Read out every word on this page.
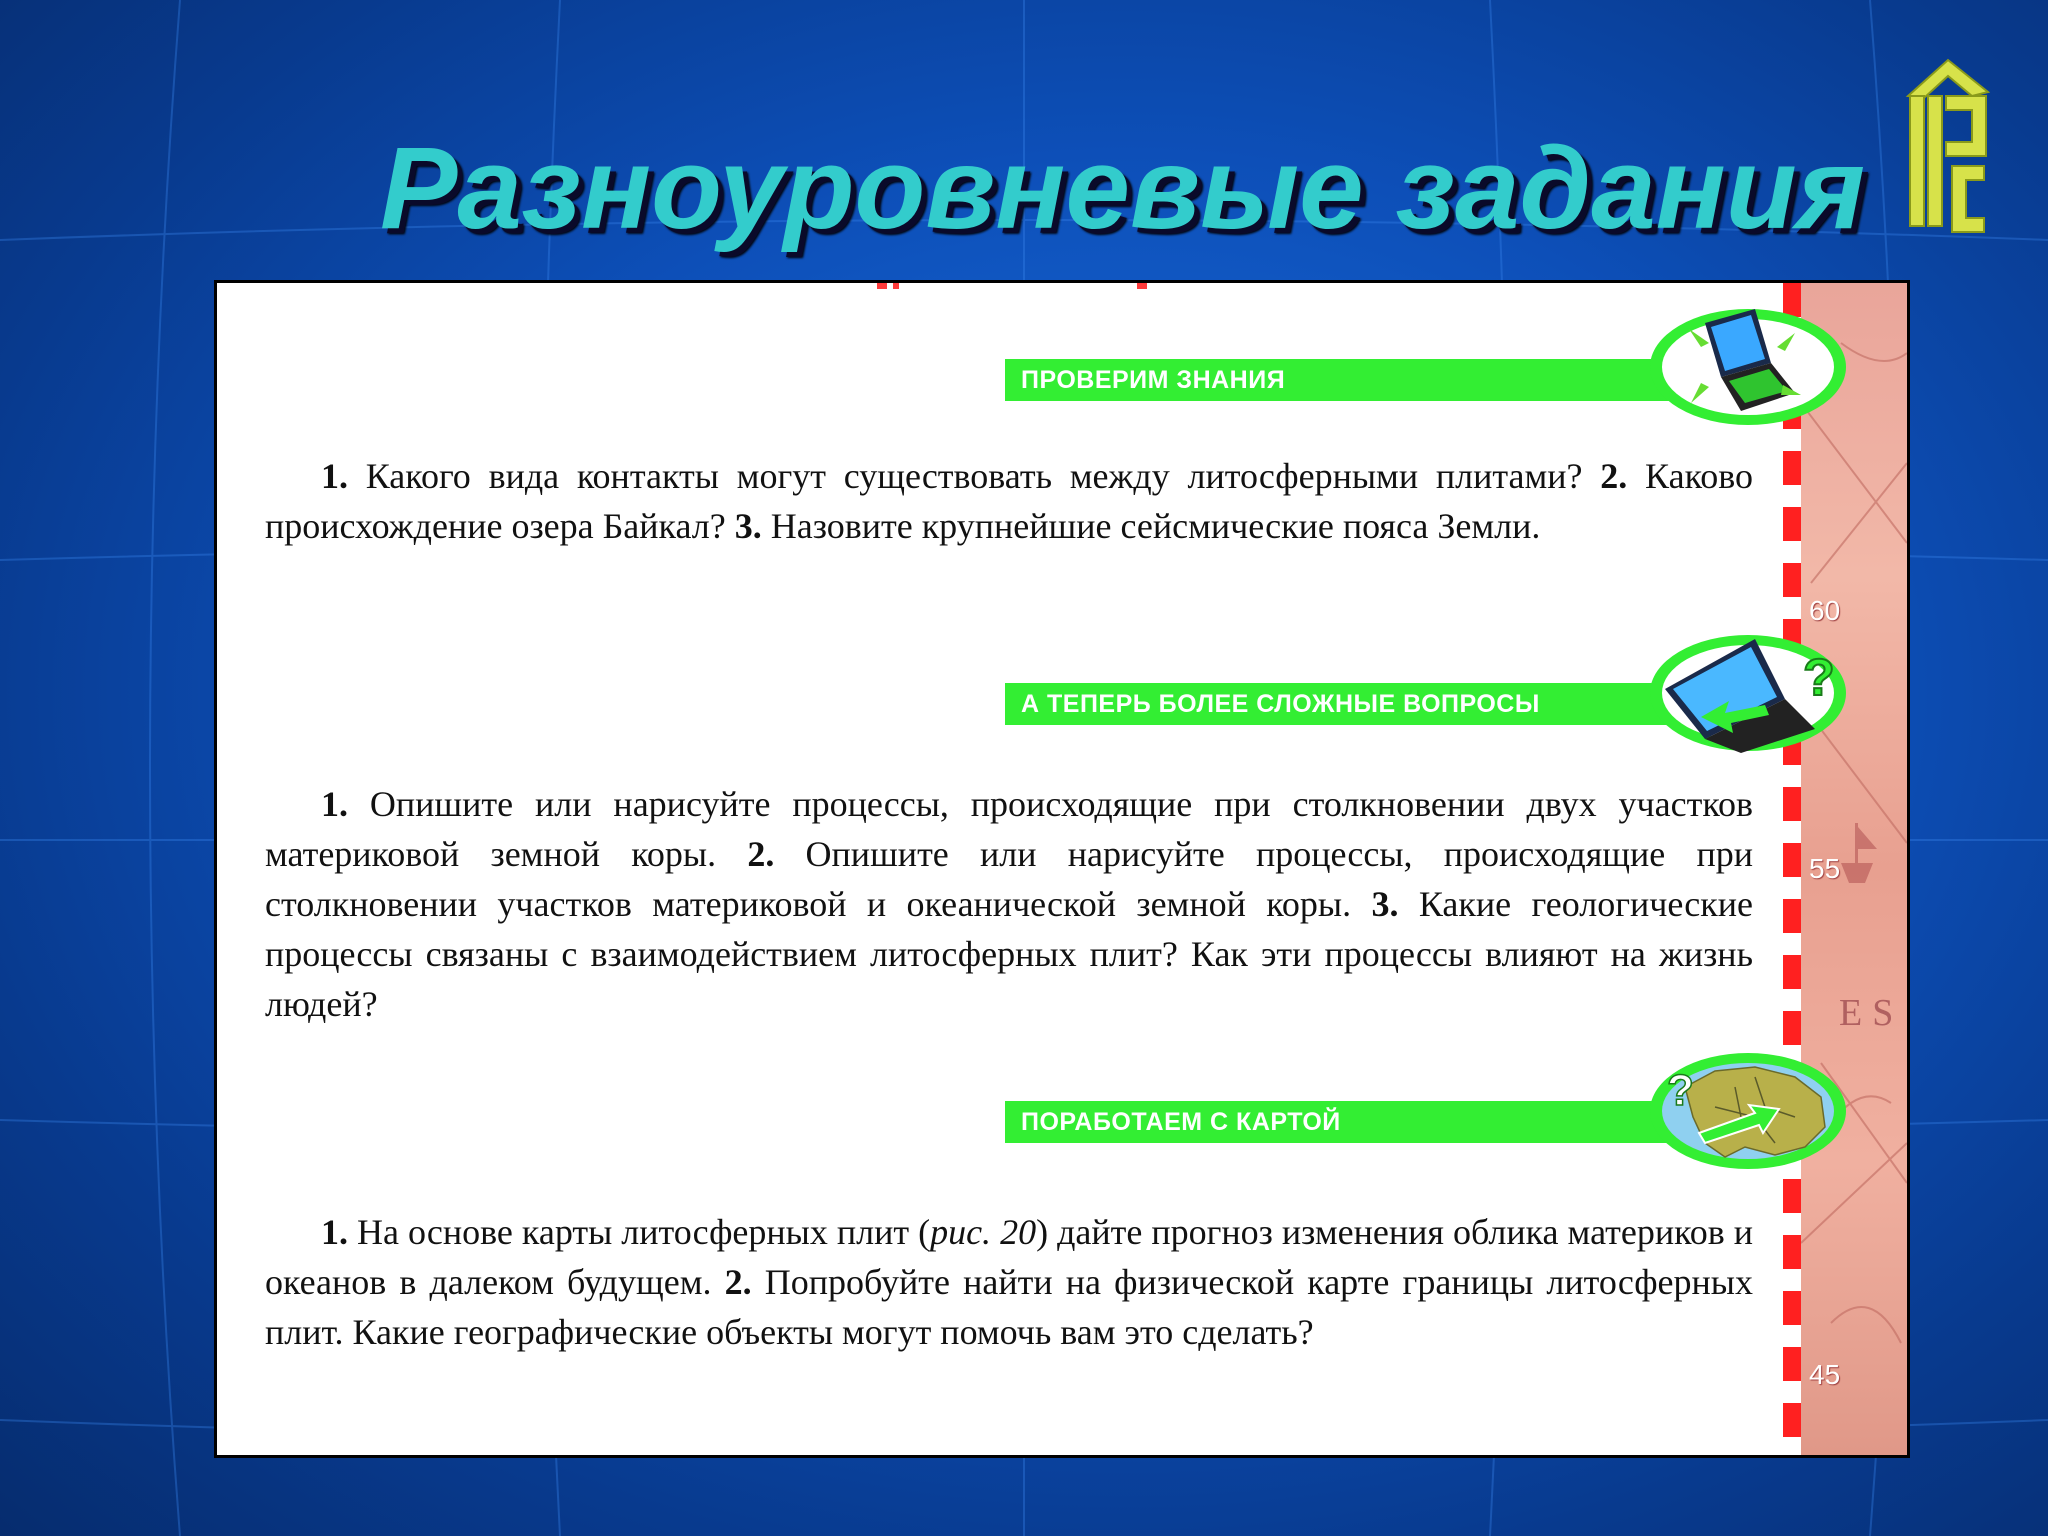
Разноуровневые задания
60
55
45
ES
ПРОВЕРИМ ЗНАНИЯ

1. Какого вида контакты могут существовать между литосферными плитами? 2. Каково происхождение озера Байкал? 3. Назовите крупнейшие сейсмические пояса Земли.

А ТЕПЕРЬ БОЛЕЕ СЛОЖНЫЕ ВОПРОСЫ	?

1. Опишите или нарисуйте процессы, происходящие при столкновении двух участков материковой земной коры. 2. Опишите или нарисуйте процессы, происходящие при столкновении участков материковой и океанической земной коры. 3. Какие геологические процессы связаны с взаимодействием литосферных плит? Как эти процессы влияют на жизнь людей?

ПОРАБОТАЕМ С КАРТОЙ
?

1. На основе карты литосферных плит (рис. 20) дайте прогноз изменения облика материков и океанов в далеком будущем. 2. Попробуйте найти на физической карте границы литосферных плит. Какие географические объекты могут помочь вам это сделать?
